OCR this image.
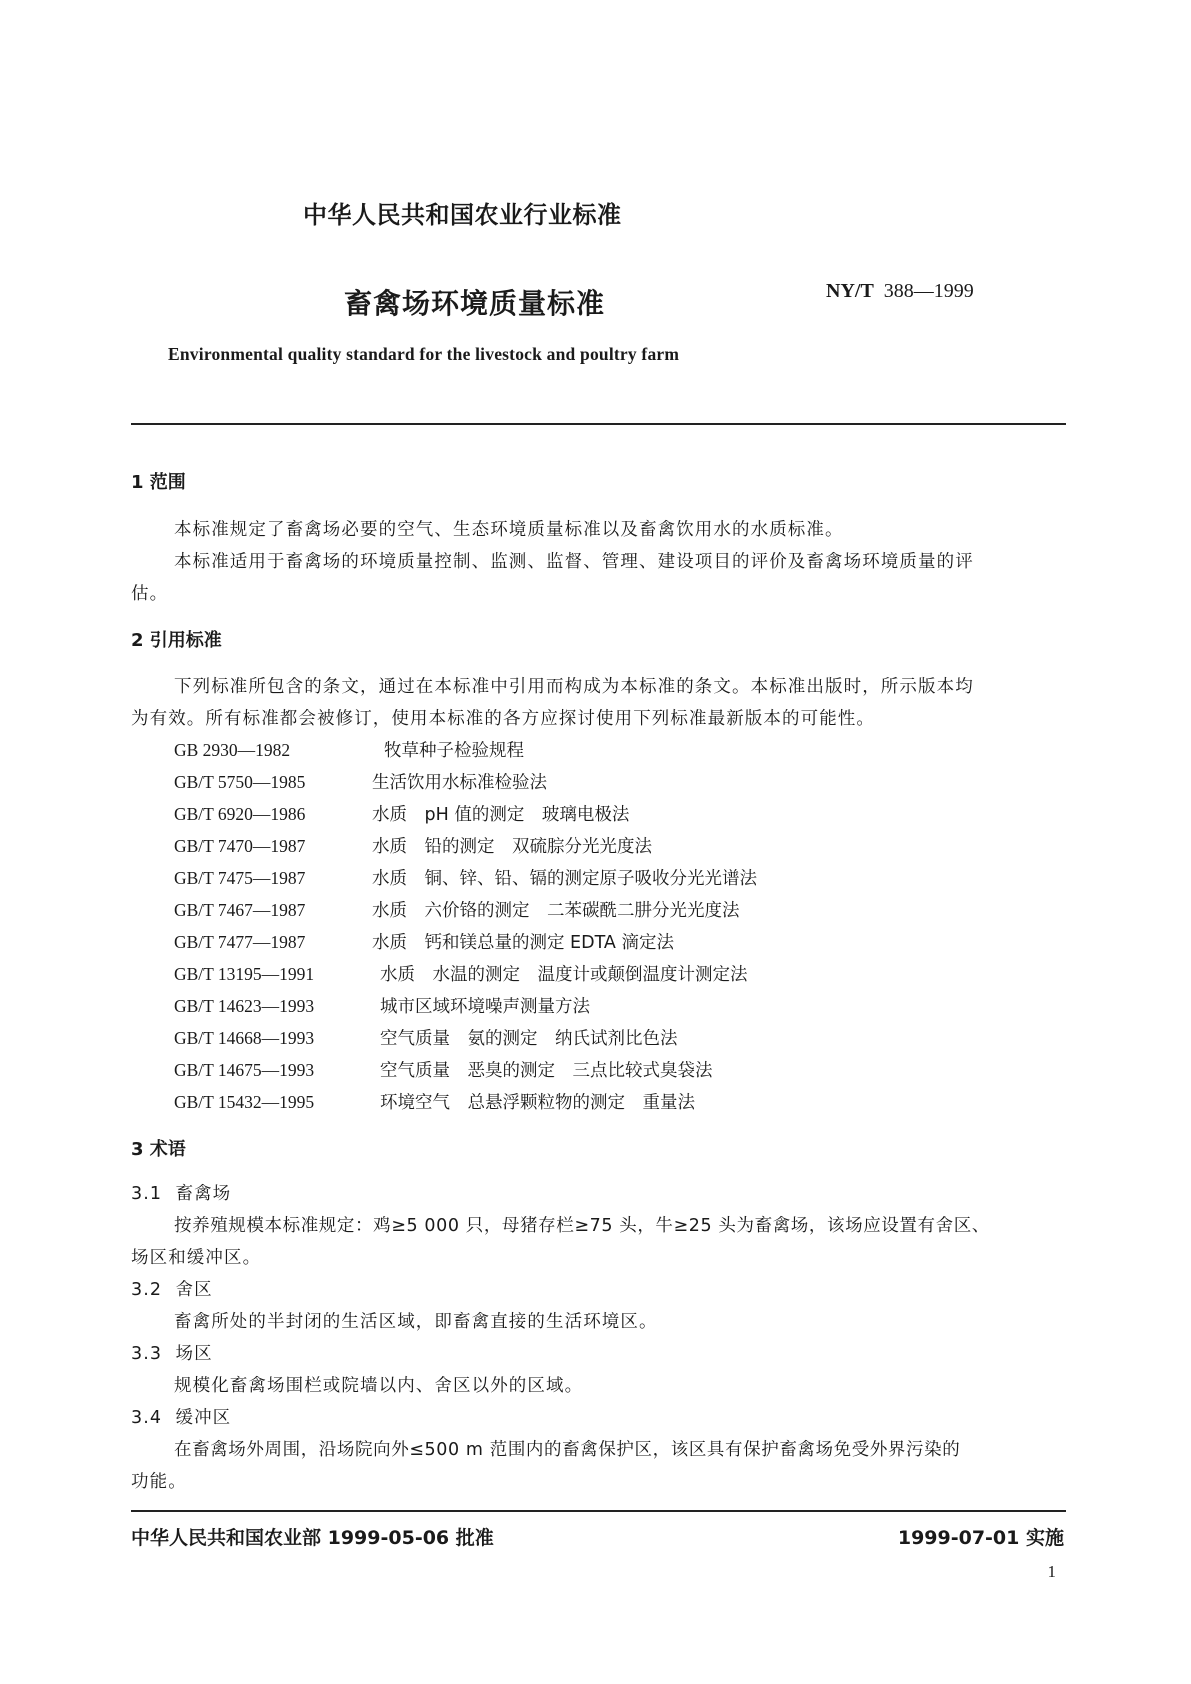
中华人民共和国农业行业标准
畜禽场环境质量标准	NY/T 388—1999
Environmental quality standard for the livestock and poultry farm
1 范围
本标准规定了畜禽场必要的空气、生态环境质量标准以及畜禽饮用水的水质标准。
本标准适用于畜禽场的环境质量控制、监测、监督、管理、建设项目的评价及畜禽场环境质量的评
估。
2 引用标准
下列标准所包含的条文，通过在本标准中引用而构成为本标准的条文。本标准出版时，所示版本均
为有效。所有标准都会被修订，使用本标准的各方应探讨使用下列标准最新版本的可能性。
GB 2930—1982	牧草种子检验规程
GB/T 5750—1985	生活饮用水标准检验法
GB/T 6920—1986	水质　pH 值的测定　玻璃电极法
GB/T 7470—1987	水质　铅的测定　双硫腙分光光度法
GB/T 7475—1987	水质　铜、锌、铅、镉的测定原子吸收分光光谱法
GB/T 7467—1987	水质　六价铬的测定　二苯碳酰二肼分光光度法
GB/T 7477—1987	水质　钙和镁总量的测定 EDTA 滴定法
GB/T 13195—1991	水质　水温的测定　温度计或颠倒温度计测定法
GB/T 14623—1993	城市区域环境噪声测量方法
GB/T 14668—1993	空气质量　氨的测定　纳氏试剂比色法
GB/T 14675—1993	空气质量　恶臭的测定　三点比较式臭袋法
GB/T 15432—1995	环境空气　总悬浮颗粒物的测定　重量法
3 术语
3.1 畜禽场
按养殖规模本标准规定：鸡≥5 000 只，母猪存栏≥75 头，牛≥25 头为畜禽场，该场应设置有舍区、
场区和缓冲区。
3.2 舍区
畜禽所处的半封闭的生活区域，即畜禽直接的生活环境区。
3.3 场区
规模化畜禽场围栏或院墙以内、舍区以外的区域。
3.4 缓冲区
在畜禽场外周围，沿场院向外≤500 m 范围内的畜禽保护区，该区具有保护畜禽场免受外界污染的
功能。
中华人民共和国农业部 1999-05-06 批准	1999-07-01 实施
1
